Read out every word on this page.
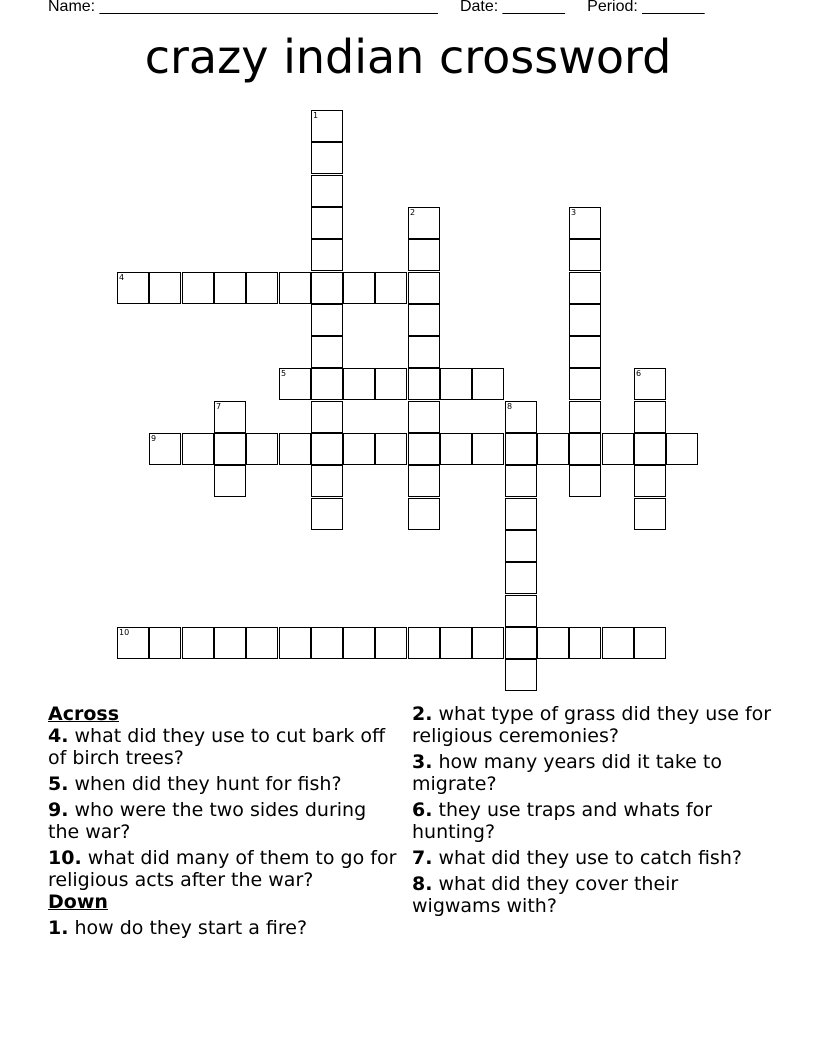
Name: ______________________________________     Date: _______     Period: _______
crazy indian crossword
1
2	3
4
5	6
7	8
9
10
Across
4. what did they use to cut bark off of birch trees?
5. when did they hunt for fish?
9. who were the two sides during the war?
10. what did many of them to go for religious acts after the war?
Down
1. how do they start a fire?
2. what type of grass did they use for religious ceremonies?
3. how many years did it take to migrate?
6. they use traps and whats for hunting?
7. what did they use to catch fish?
8. what did they cover their wigwams with?
